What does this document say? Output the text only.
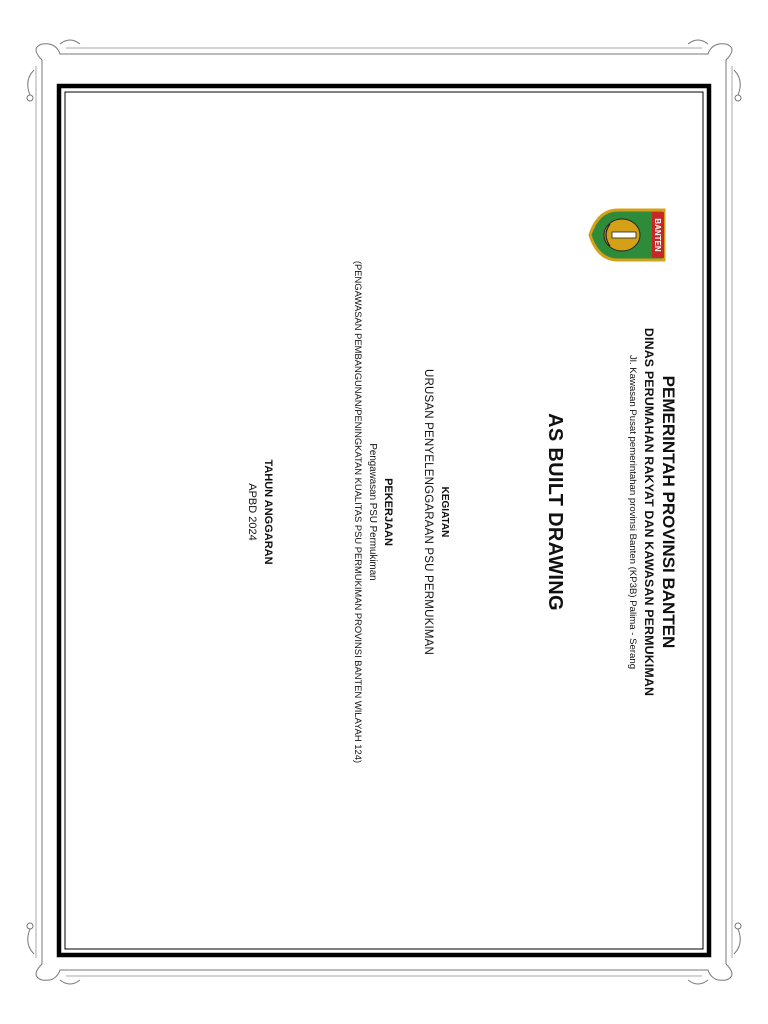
BANTEN
PEMERINTAH PROVINSI BANTEN
DINAS PERUMAHAN RAKYAT DAN KAWASAN PERMUKIMAN
Jl. Kawasan Pusat pemerintahan provinsi Banten (KP3B) Palima - Serang
AS BUILT DRAWING
KEGIATAN
URUSAN PENYELENGGARAAN PSU PERMUKIMAN
PEKERJAAN
Pengawasan PSU Permukiman
(PENGAWASAN PEMBANGUNAN/PENINGKATAN KUALITAS PSU PERMUKIMAN PROVINSI BANTEN WILAYAH 124)
TAHUN ANGGARAN
APBD 2024
